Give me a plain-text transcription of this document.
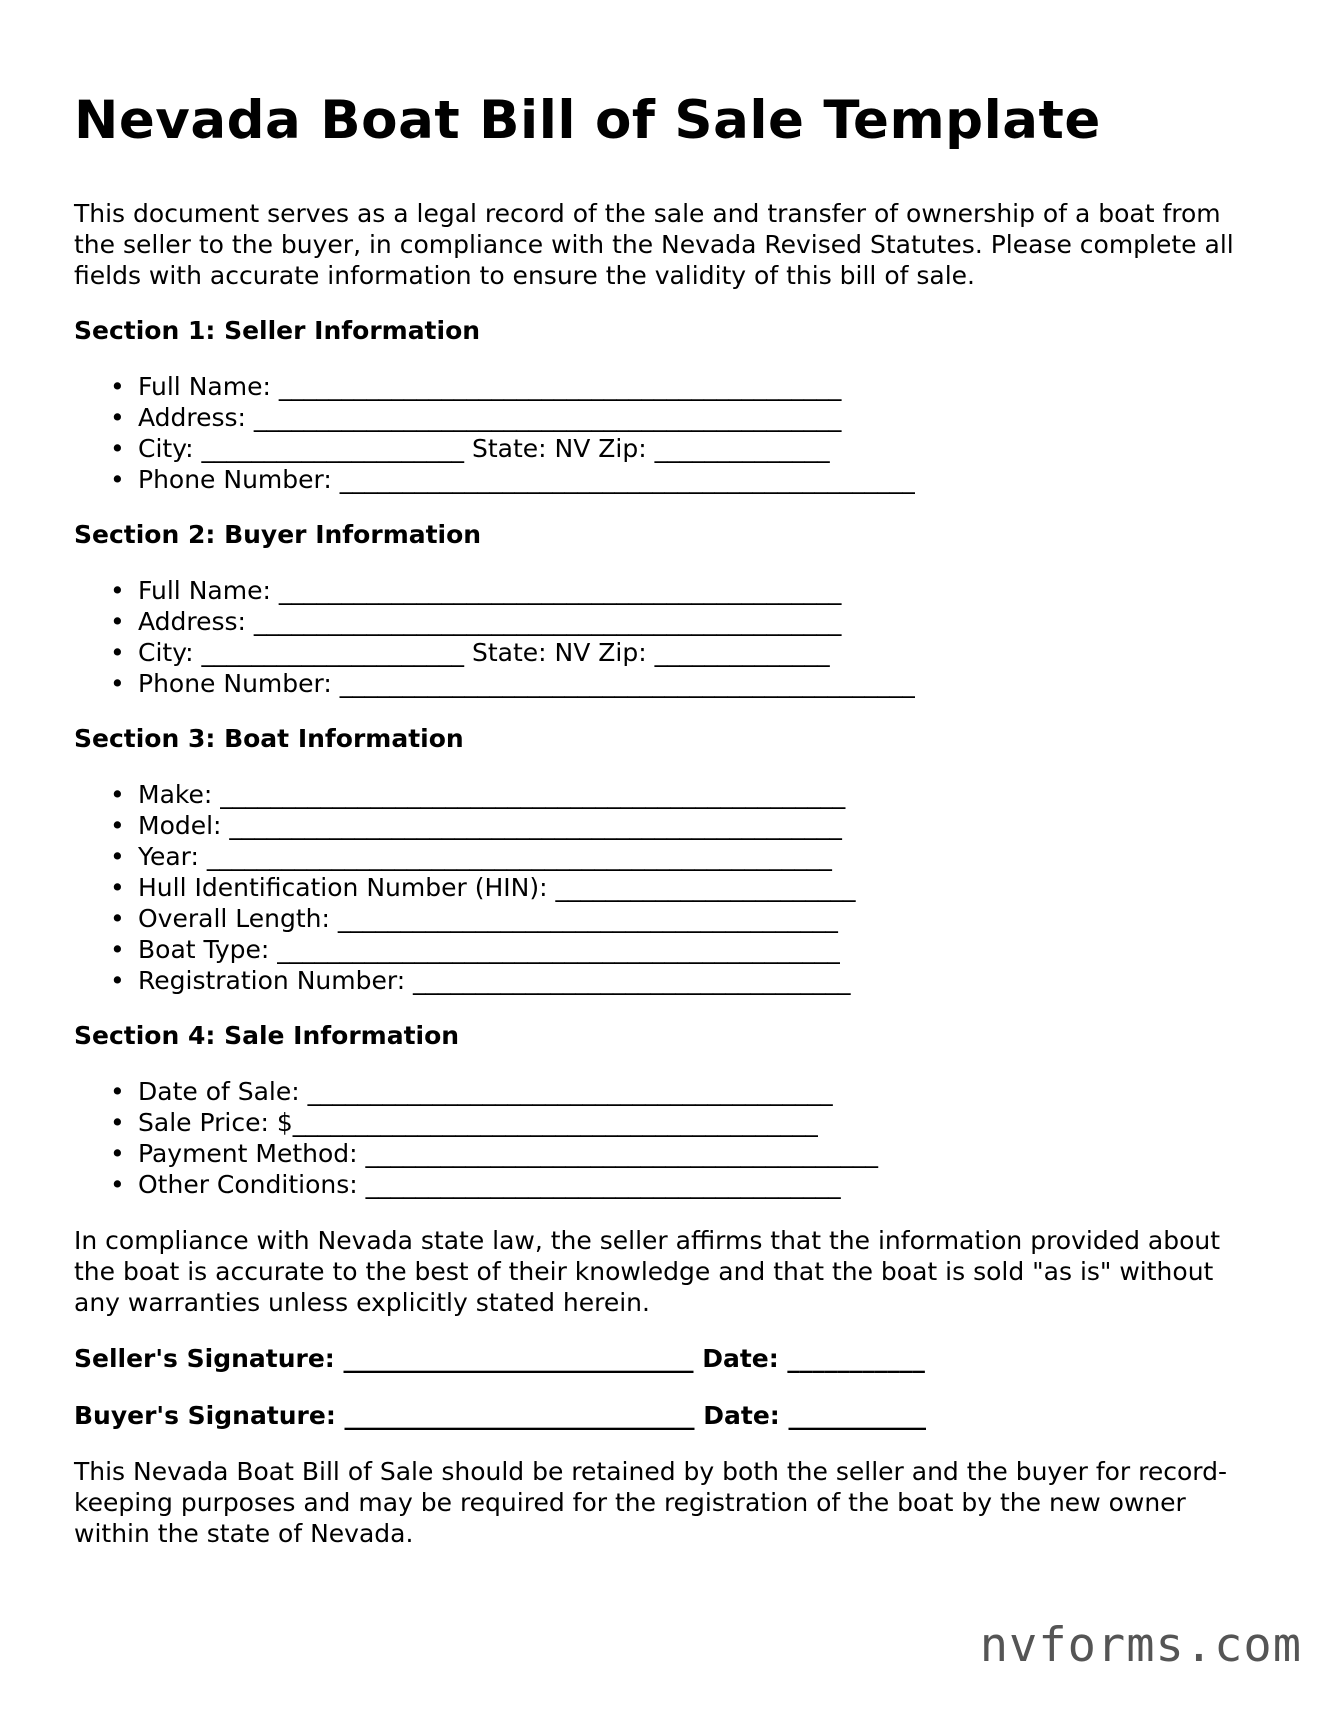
Nevada Boat Bill of Sale Template

This document serves as a legal record of the sale and transfer of ownership of a boat from the seller to the buyer, in compliance with the Nevada Revised Statutes. Please complete all fields with accurate information to ensure the validity of this bill of sale.

Section 1: Seller Information
• Full Name: _____________________________________________
• Address: _______________________________________________
• City: _____________________ State: NV Zip: ______________
• Phone Number: ______________________________________________
Section 2: Buyer Information
• Full Name: _____________________________________________
• Address: _______________________________________________
• City: _____________________ State: NV Zip: ______________
• Phone Number: ______________________________________________
Section 3: Boat Information
• Make: __________________________________________________
• Model: _________________________________________________
• Year: __________________________________________________
• Hull Identification Number (HIN): ________________________
• Overall Length: ________________________________________
• Boat Type: _____________________________________________
• Registration Number: ___________________________________
Section 4: Sale Information
• Date of Sale: __________________________________________
• Sale Price: $__________________________________________
• Payment Method: _________________________________________
• Other Conditions: ______________________________________

In compliance with Nevada state law, the seller affirms that the information provided about the boat is accurate to the best of their knowledge and that the boat is sold "as is" without any warranties unless explicitly stated herein.

Seller's Signature: ____________________________ Date: ___________
Buyer's Signature: ____________________________ Date: ___________

This Nevada Boat Bill of Sale should be retained by both the seller and the buyer for record-keeping purposes and may be required for the registration of the boat by the new owner within the state of Nevada.

nvforms.com
